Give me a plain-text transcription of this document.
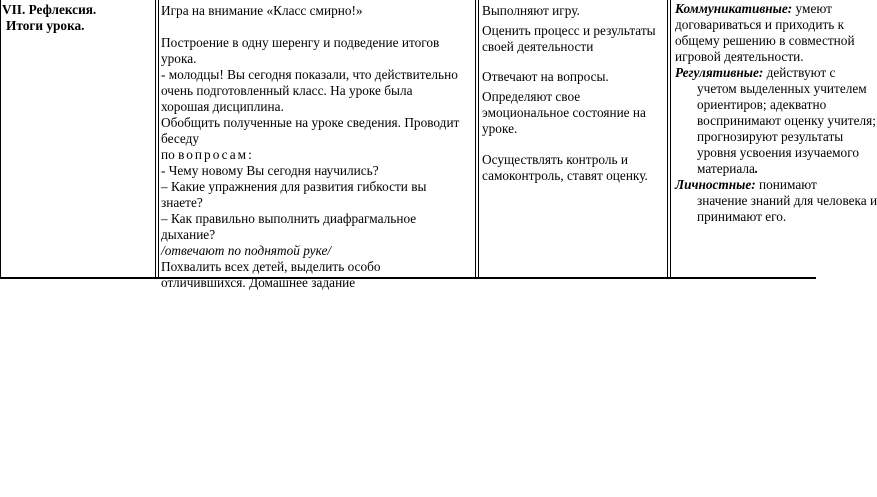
VII. Рефлексия.

Итоги урока.

Игра на внимание «Класс смирно!»

Построение в одну шеренгу и подведение итогов

урока.

- молодцы! Вы сегодня показали, что действительно

очень подготовленный класс. На уроке была

хорошая дисциплина.

Обобщить полученные на уроке сведения. Проводит

беседу

по вопросам:

- Чему новому Вы сегодня научились?

– Какие упражнения для развития гибкости вы

знаете?

– Как правильно выполнить диафрагмальное

дыхание?

/отвечают по поднятой руке/

Похвалить всех детей, выделить особо

отличившихся. Домашнее задание

Выполняют игру.

Оценить процесс и результаты

своей деятельности

Отвечают на вопросы.

Определяют свое

эмоциональное состояние на

уроке.

Осуществлять контроль и

самоконтроль, ставят оценку.

Коммуникативные: умеют

договариваться и приходить к

общему решению в совместной

игровой деятельности.

Регулятивные: действуют с

учетом выделенных учителем

ориентиров; адекватно

воспринимают оценку учителя;

прогнозируют результаты

уровня усвоения изучаемого

материала.

Личностные: понимают

значение знаний для человека и

принимают его.
